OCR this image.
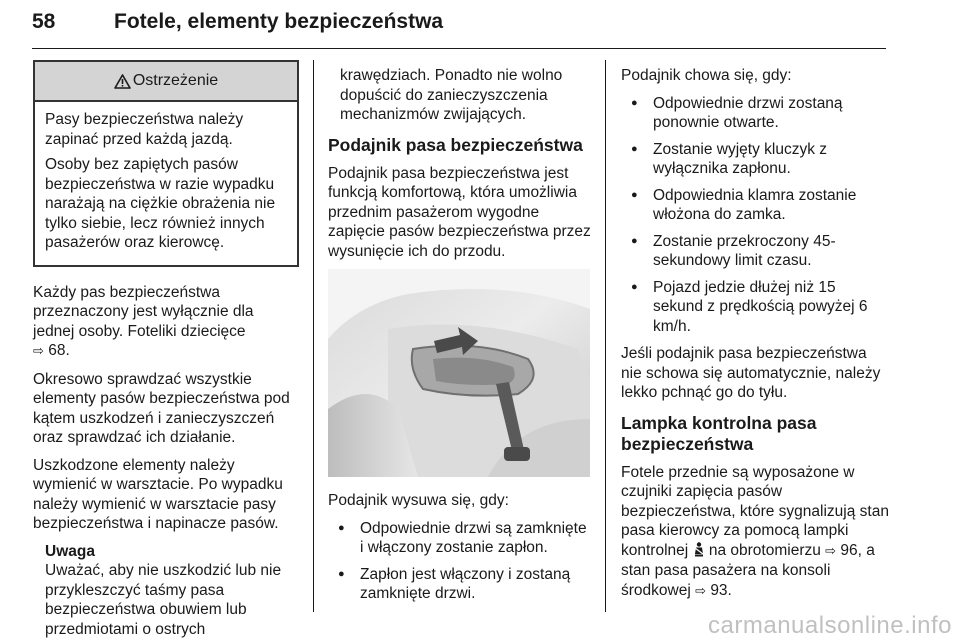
58	Fotele, elementy bezpieczeństwa
Ostrzeżenie

Pasy bezpieczeństwa należy zapinać przed każdą jazdą.

Osoby bez zapiętych pasów bezpieczeństwa w razie wypadku narażają na ciężkie obrażenia nie tylko siebie, lecz również innych pasażerów oraz kierowcę.

Każdy pas bezpieczeństwa przeznaczony jest wyłącznie dla jednej osoby. Foteliki dziecięce
⇨ 68.

Okresowo sprawdzać wszystkie elementy pasów bezpieczeństwa pod kątem uszkodzeń i zanieczyszczeń oraz sprawdzać ich działanie.

Uszkodzone elementy należy wymienić w warsztacie. Po wypadku należy wymienić w warsztacie pasy bezpieczeństwa i napinacze pasów.

Uwaga
Uważać, aby nie uszkodzić lub nie przykleszczyć taśmy pasa bezpieczeństwa obuwiem lub przedmiotami o ostrych

krawędziach. Ponadto nie wolno dopuścić do zanieczyszczenia mechanizmów zwijających.

Podajnik pasa bezpieczeństwa

Podajnik pasa bezpieczeństwa jest funkcją komfortową, która umożliwia przednim pasażerom wygodne zapięcie pasów bezpieczeństwa przez wysunięcie ich do przodu.

Podajnik wysuwa się, gdy:

● Odpowiednie drzwi są zamknięte i włączony zostanie zapłon.
● Zapłon jest włączony i zostaną zamknięte drzwi.

Podajnik chowa się, gdy:

● Odpowiednie drzwi zostaną ponownie otwarte.
● Zostanie wyjęty kluczyk z wyłącznika zapłonu.
● Odpowiednia klamra zostanie włożona do zamka.
● Zostanie przekroczony 45-sekundowy limit czasu.
● Pojazd jedzie dłużej niż 15 sekund z prędkością powyżej 6 km/h.

Jeśli podajnik pasa bezpieczeństwa nie schowa się automatycznie, należy lekko pchnąć go do tyłu.

Lampka kontrolna pasa bezpieczeństwa

Fotele przednie są wyposażone w czujniki zapięcia pasów bezpieczeństwa, które sygnalizują stan pasa kierowcy za pomocą lampki kontrolnej na obrotomierzu ⇨ 96, a stan pasa pasażera na konsoli środkowej ⇨ 93.

carmanualsonline.info
